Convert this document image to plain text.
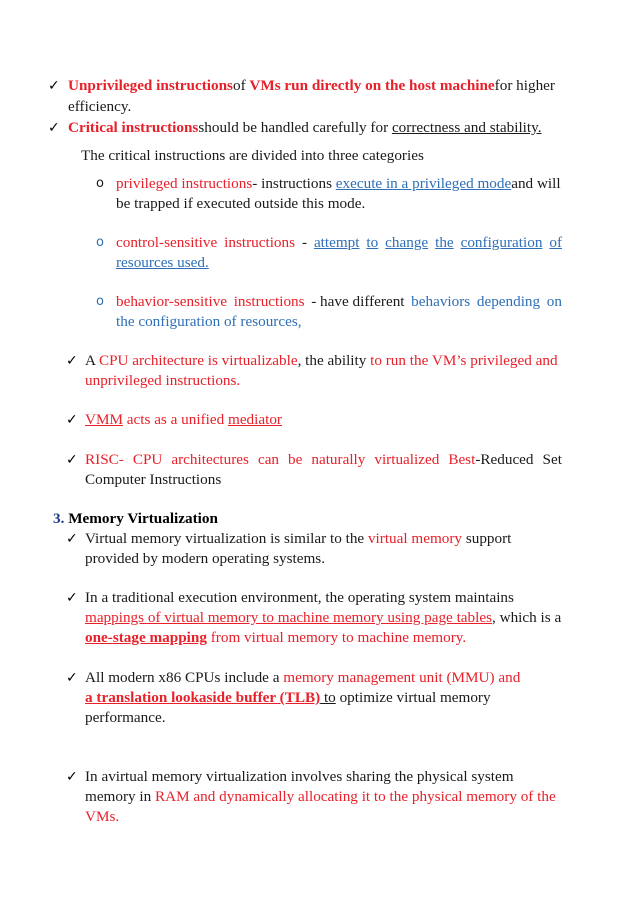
✓ Unprivileged instructionsof VMs run directly on the host machinefor higher
efficiency.
✓ Critical instructionsshould be handled carefully for correctness and stability.
The critical instructions are divided into three categories
o privileged instructions- instructions execute in a privileged modeand will
be trapped if executed outside this mode.
o control-sensitive instructions - attempt to change the configuration of
resources used.
o behavior-sensitive instructions - have different behaviors depending on
the configuration of resources,
✓ A CPU architecture is virtualizable, the ability to run the VM’s privileged and
unprivileged instructions.
✓ VMM acts as a unified mediator
✓ RISC- CPU architectures can be naturally virtualized Best-Reduced Set
Computer Instructions
3. Memory Virtualization
✓ Virtual memory virtualization is similar to the virtual memory support
provided by modern operating systems.
✓ In a traditional execution environment, the operating system maintains
mappings of virtual memory to machine memory using page tables, which is a
one-stage mapping from virtual memory to machine memory.
✓ All modern x86 CPUs include a memory management unit (MMU) and
a translation lookaside buffer (TLB) to optimize virtual memory
performance.
✓ In avirtual memory virtualization involves sharing the physical system
memory in RAM and dynamically allocating it to the physical memory of the
VMs.
